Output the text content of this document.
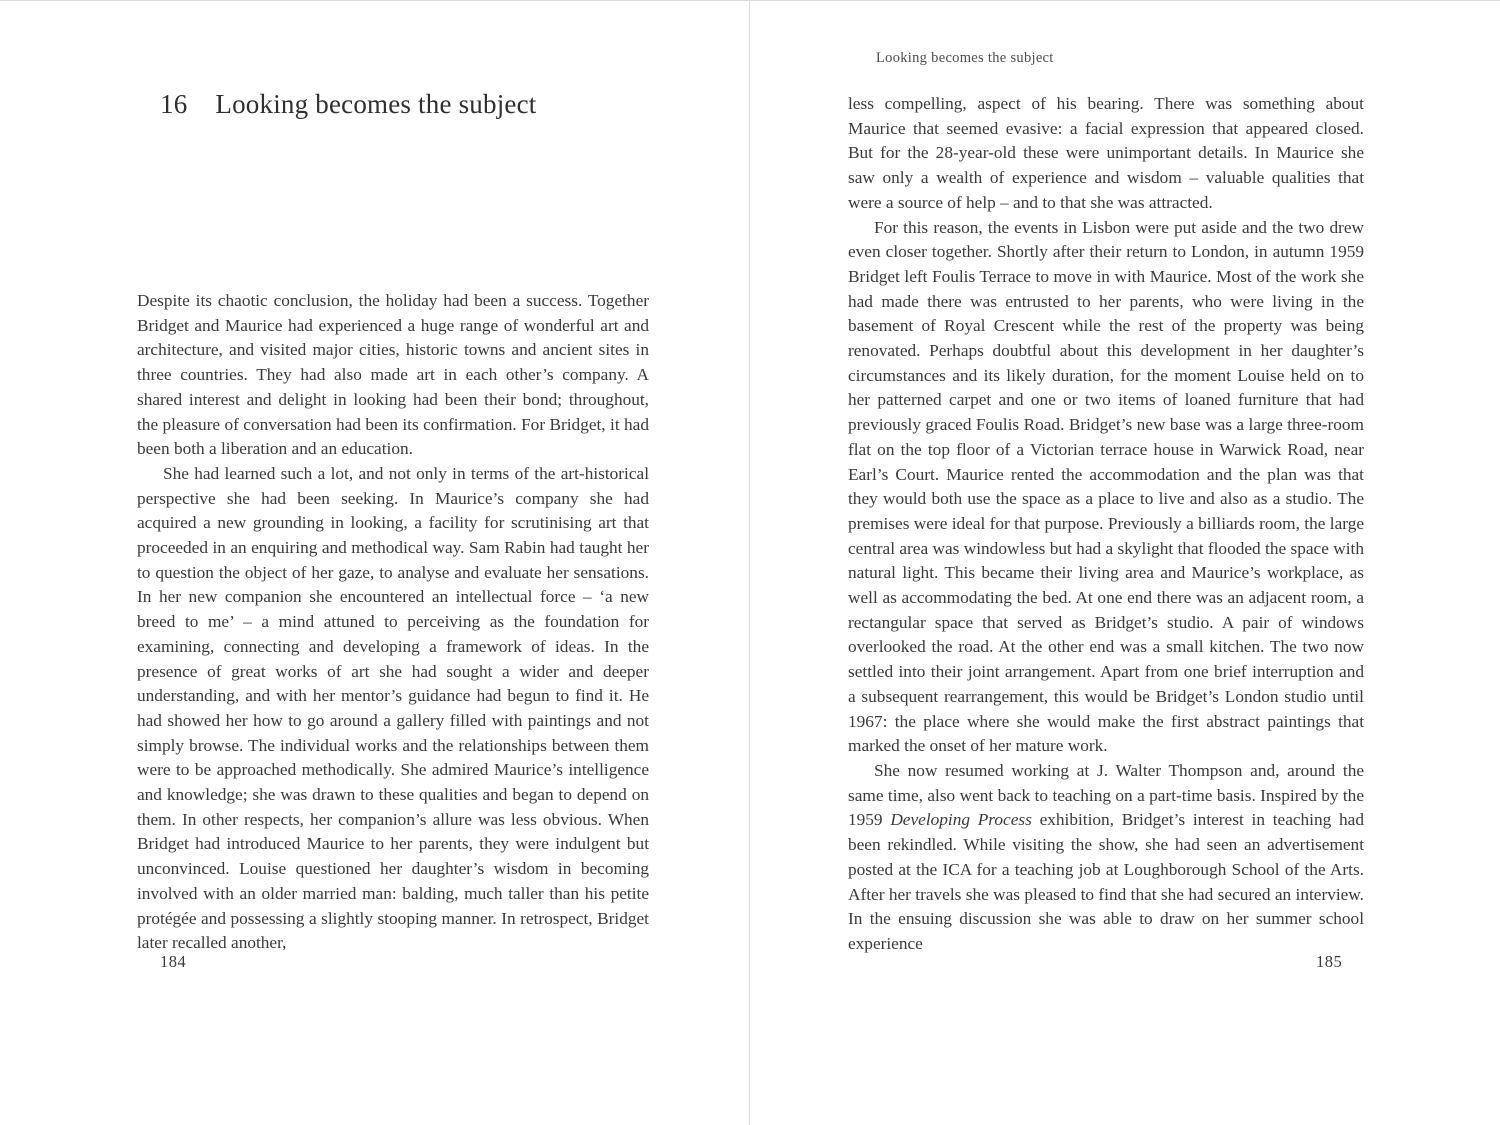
16 Looking becomes the subject

Despite its chaotic conclusion, the holiday had been a success. Together Bridget and Maurice had experienced a huge range of wonderful art and architecture, and visited major cities, historic towns and ancient sites in three countries. They had also made art in each other’s company. A shared interest and delight in looking had been their bond; throughout, the pleasure of conversation had been its confirmation. For Bridget, it had been both a liberation and an education.

She had learned such a lot, and not only in terms of the art-historical perspective she had been seeking. In Maurice’s company she had acquired a new grounding in looking, a facility for scrutinising art that proceeded in an enquiring and methodical way. Sam Rabin had taught her to question the object of her gaze, to analyse and evaluate her sensations. In her new companion she encountered an intellectual force – ‘a new breed to me’ – a mind attuned to perceiving as the foundation for examining, connecting and developing a framework of ideas. In the presence of great works of art she had sought a wider and deeper understanding, and with her mentor’s guidance had begun to find it. He had showed her how to go around a gallery filled with paintings and not simply browse. The individual works and the relationships between them were to be approached methodically. She admired Maurice’s intelligence and knowledge; she was drawn to these qualities and began to depend on them. In other respects, her companion’s allure was less obvious. When Bridget had introduced Maurice to her parents, they were indulgent but unconvinced. Louise questioned her daughter’s wisdom in becoming involved with an older married man: balding, much taller than his petite protégée and possessing a slightly stooping manner. In retrospect, Bridget later recalled another,

184
Looking becomes the subject

less compelling, aspect of his bearing. There was something about Maurice that seemed evasive: a facial expression that appeared closed. But for the 28-year-old these were unimportant details. In Maurice she saw only a wealth of experience and wisdom – valuable qualities that were a source of help – and to that she was attracted.

For this reason, the events in Lisbon were put aside and the two drew even closer together. Shortly after their return to London, in autumn 1959 Bridget left Foulis Terrace to move in with Maurice. Most of the work she had made there was entrusted to her parents, who were living in the basement of Royal Crescent while the rest of the property was being renovated. Perhaps doubtful about this development in her daughter’s circumstances and its likely duration, for the moment Louise held on to her patterned carpet and one or two items of loaned furniture that had previously graced Foulis Road. Bridget’s new base was a large three-room flat on the top floor of a Victorian terrace house in Warwick Road, near Earl’s Court. Maurice rented the accommodation and the plan was that they would both use the space as a place to live and also as a studio. The premises were ideal for that purpose. Previously a billiards room, the large central area was windowless but had a skylight that flooded the space with natural light. This became their living area and Maurice’s workplace, as well as accommodating the bed. At one end there was an adjacent room, a rectangular space that served as Bridget’s studio. A pair of windows overlooked the road. At the other end was a small kitchen. The two now settled into their joint arrangement. Apart from one brief interruption and a subsequent rearrangement, this would be Bridget’s London studio until 1967: the place where she would make the first abstract paintings that marked the onset of her mature work.

She now resumed working at J. Walter Thompson and, around the same time, also went back to teaching on a part-time basis. Inspired by the 1959 Developing Process exhibition, Bridget’s interest in teaching had been rekindled. While visiting the show, she had seen an advertisement posted at the ICA for a teaching job at Loughborough School of the Arts. After her travels she was pleased to find that she had secured an interview. In the ensuing discussion she was able to draw on her summer school experience

185
